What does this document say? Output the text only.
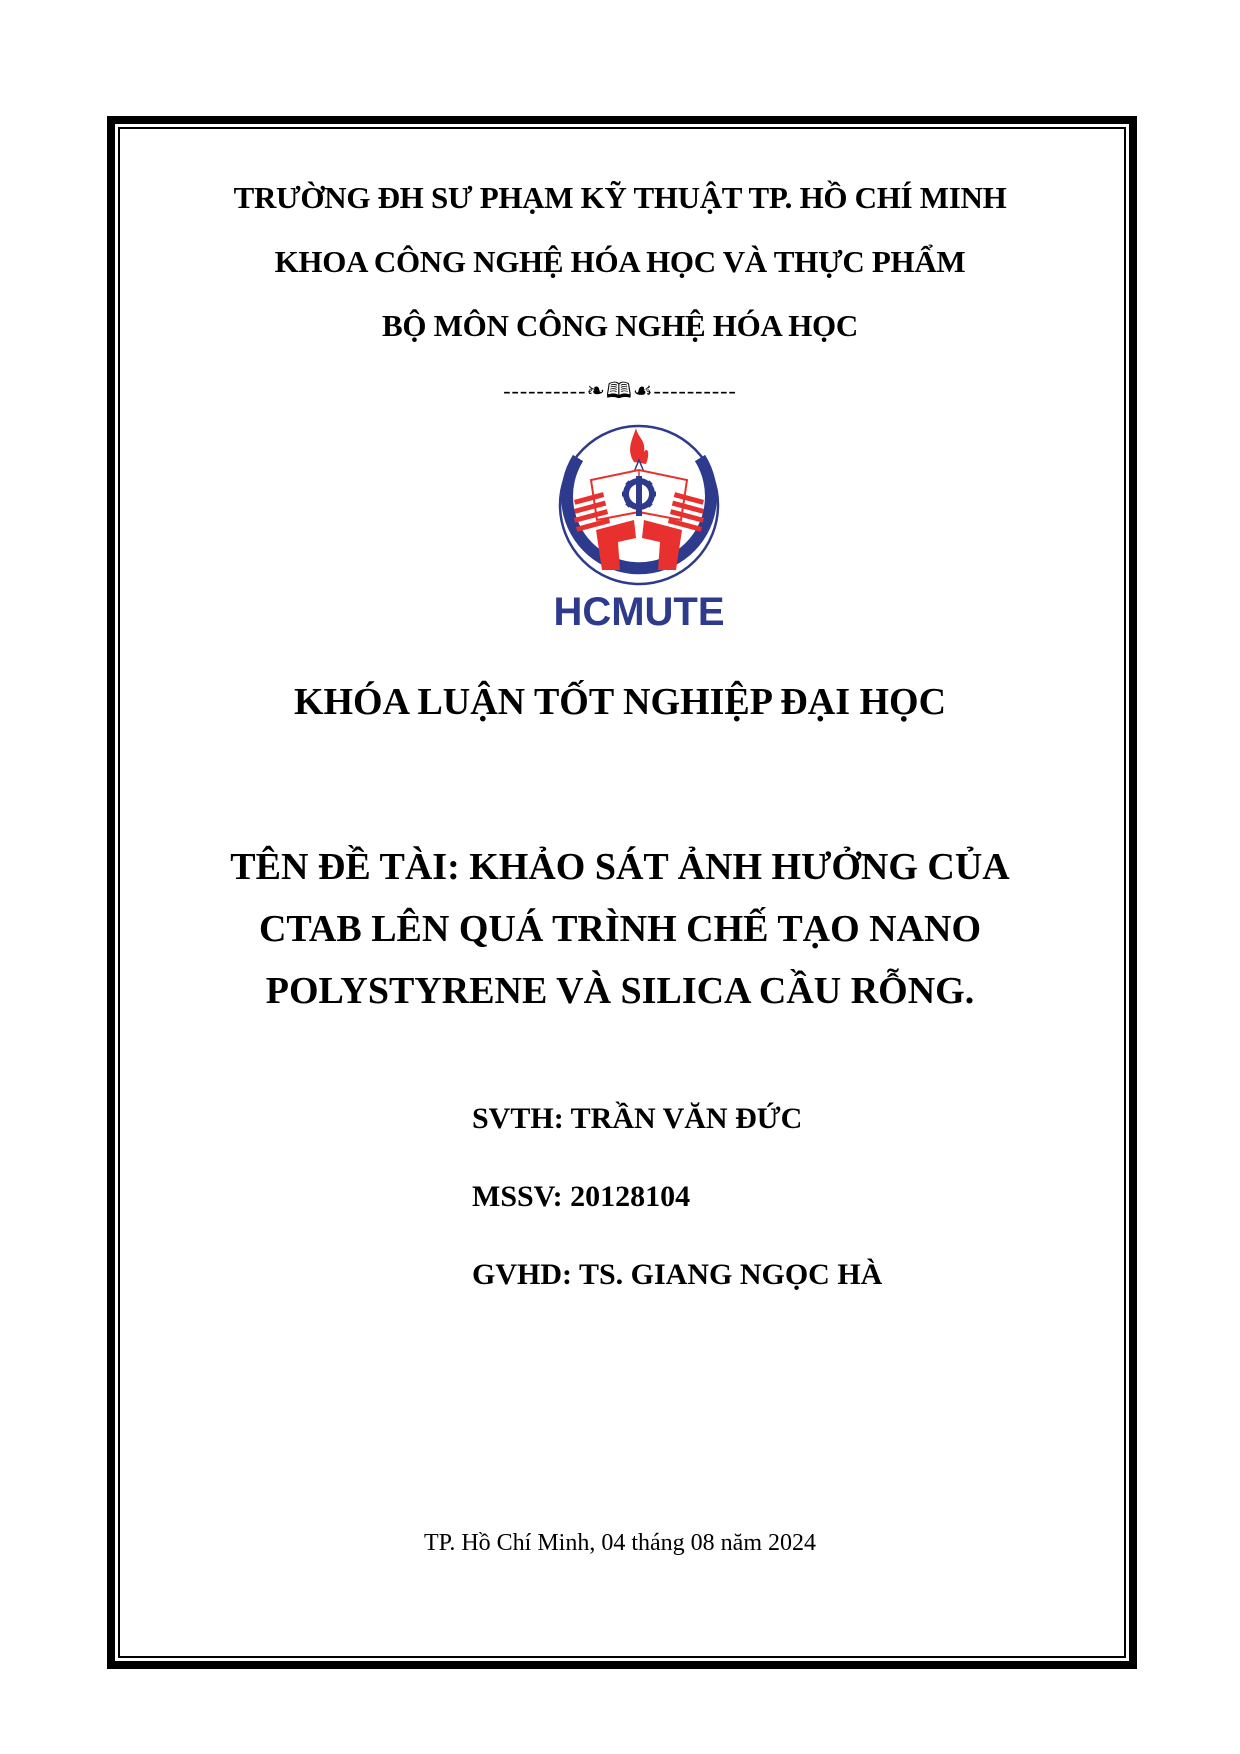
TRƯỜNG ĐH SƯ PHẠM KỸ THUẬT TP. HỒ CHÍ MINH
KHOA CÔNG NGHỆ HÓA HỌC VÀ THỰC PHẨM
BỘ MÔN CÔNG NGHỆ HÓA HỌC
----------❧🕮☙----------
HCMUTE
KHÓA LUẬN TỐT NGHIỆP ĐẠI HỌC
TÊN ĐỀ TÀI: KHẢO SÁT ẢNH HƯỞNG CỦA
CTAB LÊN QUÁ TRÌNH CHẾ TẠO NANO
POLYSTYRENE VÀ SILICA CẦU RỖNG.
SVTH: TRẦN VĂN ĐỨC
MSSV: 20128104
GVHD: TS. GIANG NGỌC HÀ
TP. Hồ Chí Minh, 04 tháng 08 năm 2024
